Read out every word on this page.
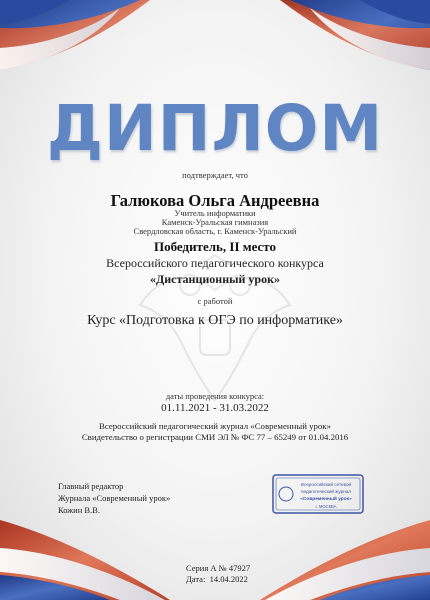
ДИПЛОМ
подтверждает, что
Галюкова Ольга Андреевна
Учитель информатики
Каменск-Уральская гимназия
Свердловская область, г. Каменск-Уральский
Победитель, II место
Всероссийского педагогического конкурса
«Дистанционный урок»
с работой
Курс «Подготовка к ОГЭ по информатике»
даты проведения конкурса:
01.11.2021 - 31.03.2022
Всероссийский педагогический журнал «Современный урок»
Свидетельство о регистрации СМИ ЭЛ № ФС 77 – 65249 от 01.04.2016
Главный редактор
Журнала «Современный урок»
Кожин В.В.
Всероссийский сетевой
педагогический журнал
«Современный урок»
г. МОСКВА
Серия А № 47927
Дата: 14.04.2022
